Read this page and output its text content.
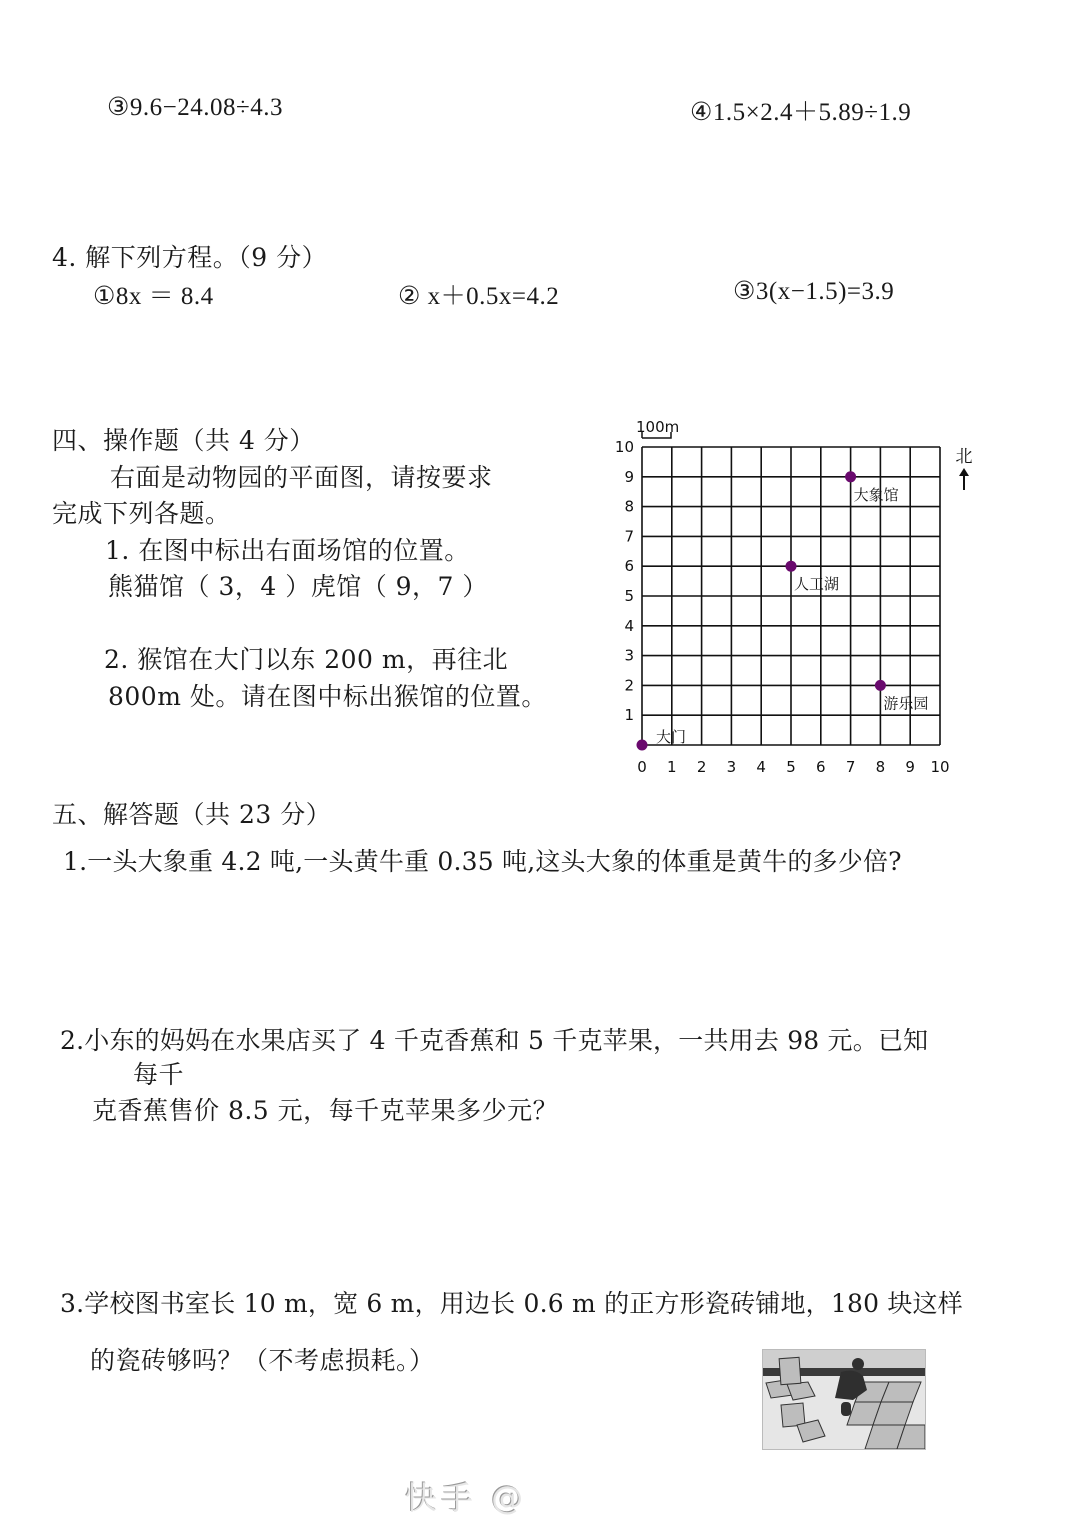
③9.6−24.08÷4.3	④1.5×2.4＋5.89÷1.9
4. 解下列方程。（9 分）
①8x ＝ 8.4	② x＋0.5x=4.2	③3(x−1.5)=3.9
四、操作题（共 4 分）
右面是动物园的平面图，请按要求
完成下列各题。
1. 在图中标出右面场馆的位置。
熊猫馆（ 3，4 ）虎馆（ 9，7 ）
2. 猴馆在大门以东 200 m，再往北
800m 处。请在图中标出猴馆的位置。
0 1 2 3 4 5 6 7 8 9 10
1
2
3
4
5
6
7
8
9
10
100m
北
大门
人工湖
大象馆
游乐园
五、解答题（共 23 分）
1.一头大象重 4.2 吨,一头黄牛重 0.35 吨,这头大象的体重是黄牛的多少倍?
2.小东的妈妈在水果店买了 4 千克香蕉和 5 千克苹果，一共用去 98 元。已知
每千
克香蕉售价 8.5 元，每千克苹果多少元？
3.学校图书室长 10 m，宽 6 m，用边长 0.6 m 的正方形瓷砖铺地，180 块这样
的瓷砖够吗？（不考虑损耗。）
快手 @
